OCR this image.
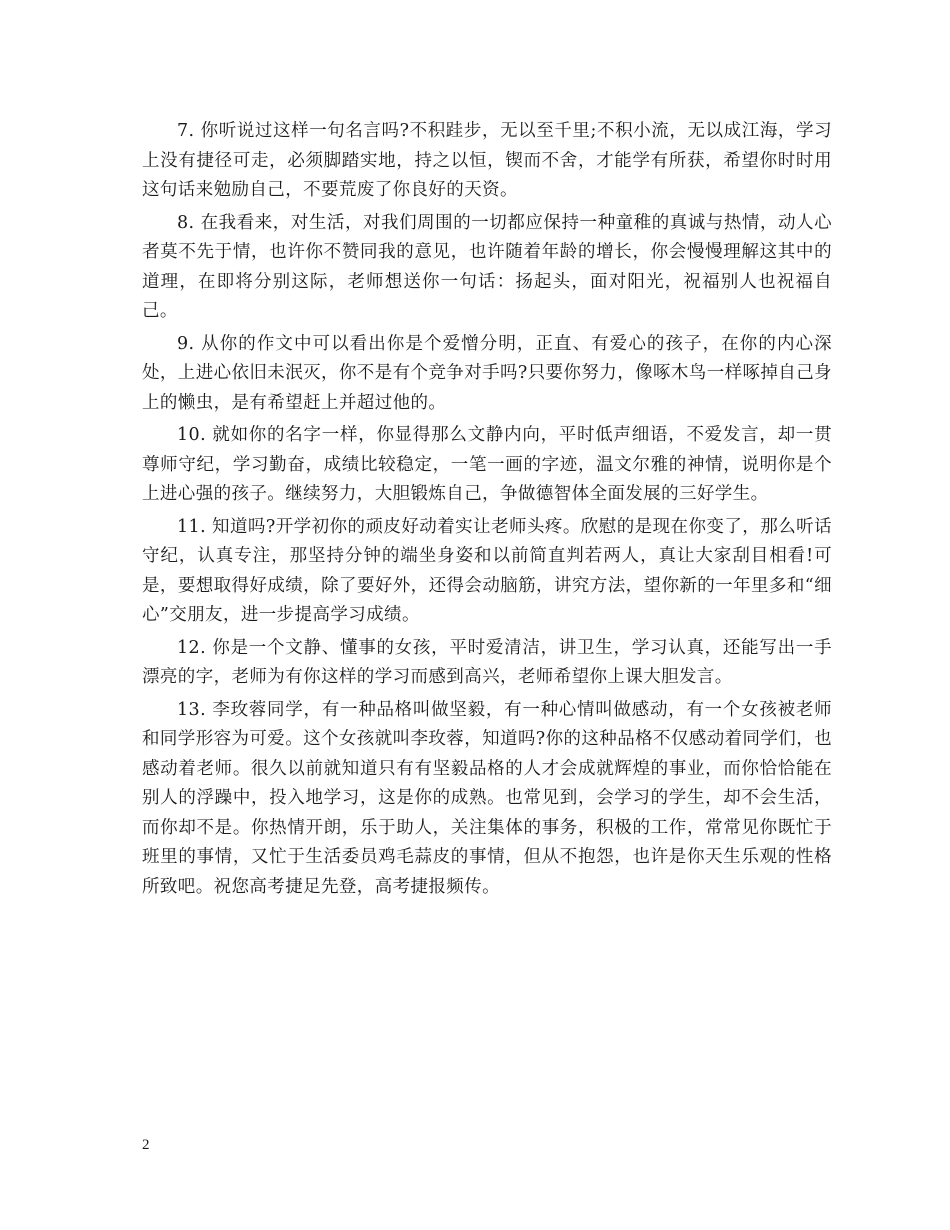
7. 你听说过这样一句名言吗?不积跬步，无以至千里;不积小流，无以成江海，学习上没有捷径可走，必须脚踏实地，持之以恒，锲而不舍，才能学有所获，希望你时时用这句话来勉励自己，不要荒废了你良好的天资。

8. 在我看来，对生活，对我们周围的一切都应保持一种童稚的真诚与热情，动人心者莫不先于情，也许你不赞同我的意见，也许随着年龄的增长，你会慢慢理解这其中的道理，在即将分别这际，老师想送你一句话：扬起头，面对阳光，祝福别人也祝福自己。

9. 从你的作文中可以看出你是个爱憎分明，正直、有爱心的孩子，在你的内心深处，上进心依旧未泯灭，你不是有个竞争对手吗?只要你努力，像啄木鸟一样啄掉自己身上的懒虫，是有希望赶上并超过他的。

10. 就如你的名字一样，你显得那么文静内向，平时低声细语，不爱发言，却一贯尊师守纪，学习勤奋，成绩比较稳定，一笔一画的字迹，温文尔雅的神情，说明你是个上进心强的孩子。继续努力，大胆锻炼自己，争做德智体全面发展的三好学生。

11. 知道吗?开学初你的顽皮好动着实让老师头疼。欣慰的是现在你变了，那么听话守纪，认真专注，那坚持分钟的端坐身姿和以前简直判若两人，真让大家刮目相看!可是，要想取得好成绩，除了要好外，还得会动脑筋，讲究方法，望你新的一年里多和“细心”交朋友，进一步提高学习成绩。

12. 你是一个文静、懂事的女孩，平时爱清洁，讲卫生，学习认真，还能写出一手漂亮的字，老师为有你这样的学习而感到高兴，老师希望你上课大胆发言。

13. 李玫蓉同学，有一种品格叫做坚毅，有一种心情叫做感动，有一个女孩被老师和同学形容为可爱。这个女孩就叫李玫蓉，知道吗?你的这种品格不仅感动着同学们，也感动着老师。很久以前就知道只有有坚毅品格的人才会成就辉煌的事业，而你恰恰能在别人的浮躁中，投入地学习，这是你的成熟。也常见到，会学习的学生，却不会生活，而你却不是。你热情开朗，乐于助人，关注集体的事务，积极的工作，常常见你既忙于班里的事情，又忙于生活委员鸡毛蒜皮的事情，但从不抱怨，也许是你天生乐观的性格所致吧。祝您高考捷足先登，高考捷报频传。

2
